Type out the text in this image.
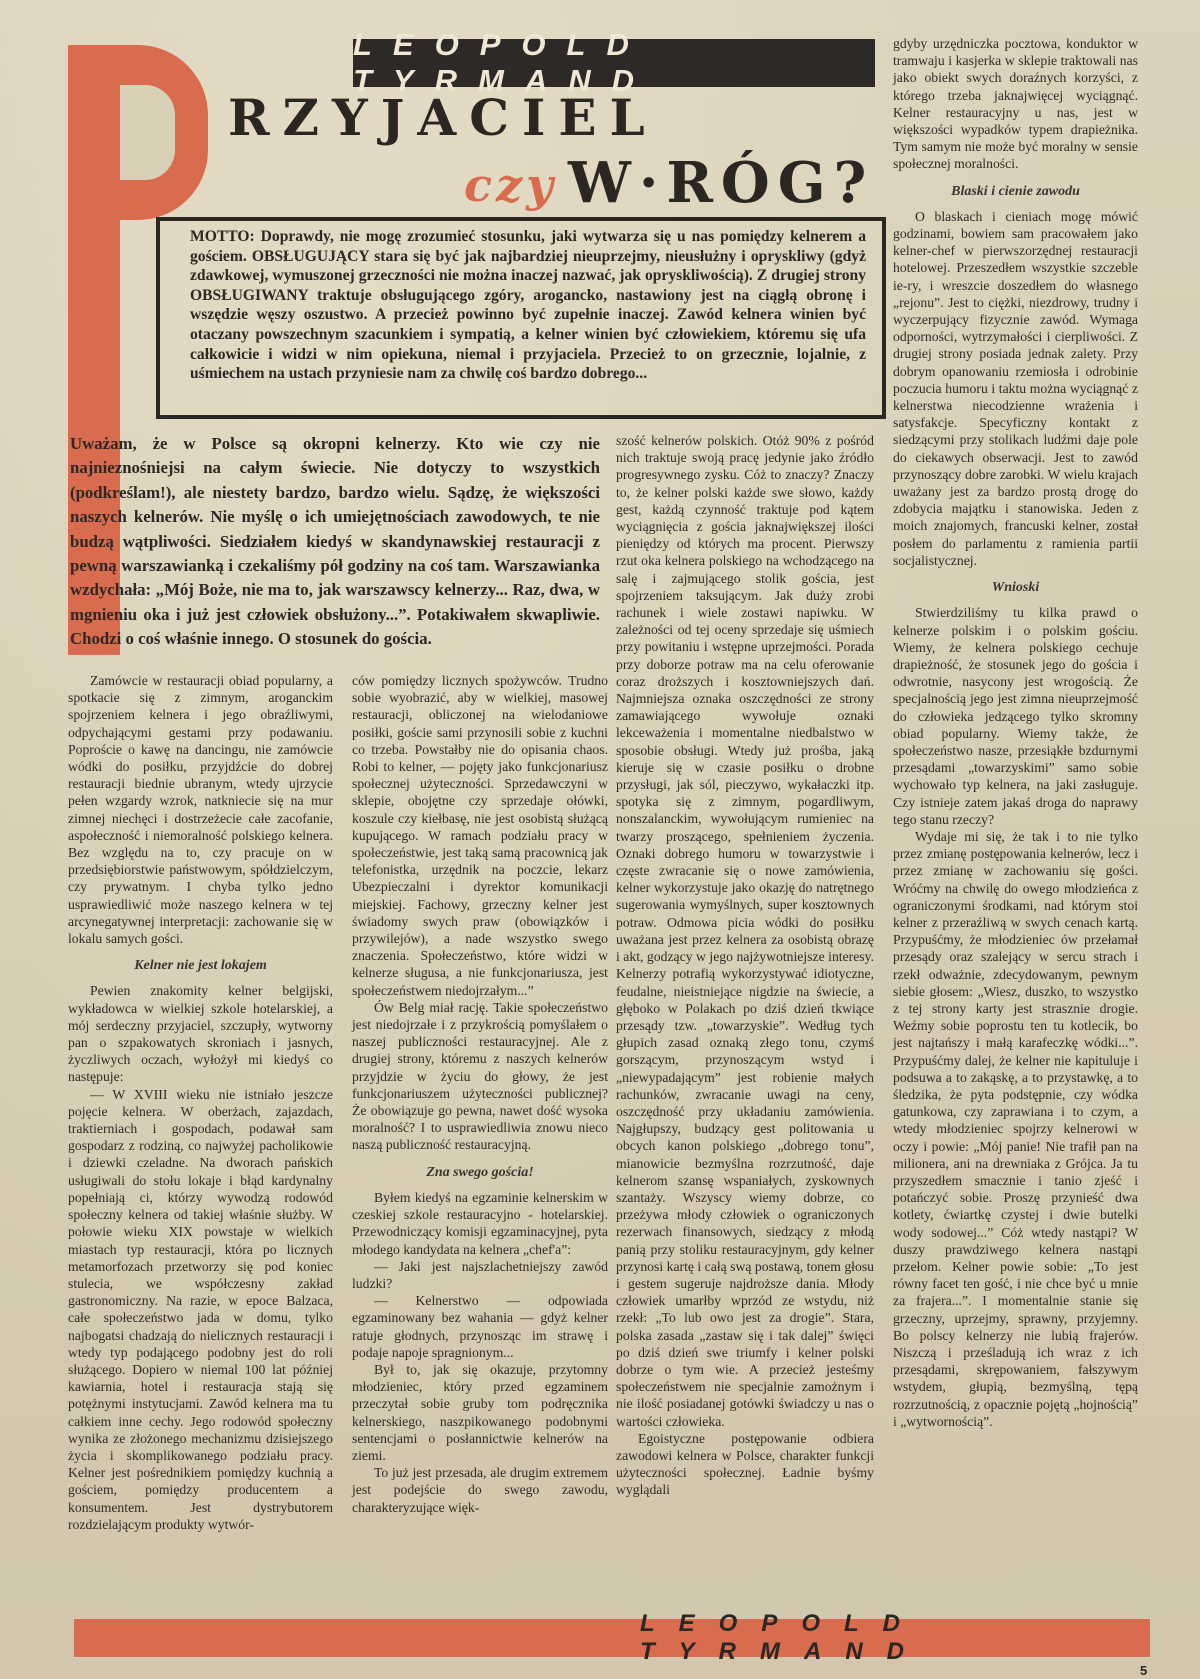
LEOPOLD TYRMAND
RZYJACIEL
czy W·RÓG?

MOTTO: Doprawdy, nie mogę zrozumieć stosunku, jaki wytwarza się u nas pomiędzy kelnerem a gościem. OBSŁUGUJĄCY stara się być jak najbardziej nieuprzejmy, nieusłużny i opryskliwy (gdyż zdawkowej, wymuszonej grzeczności nie można inaczej nazwać, jak opryskliwością). Z drugiej strony OBSŁUGIWANY traktuje obsługującego zgóry, arogancko, nastawiony jest na ciągłą obronę i wszędzie węszy oszustwo. A przecież powinno być zupełnie inaczej. Zawód kelnera winien być otaczany powszechnym szacunkiem i sympatią, a kelner winien być człowiekiem, któremu się ufa całkowicie i widzi w nim opiekuna, niemal i przyjaciela. Przecież to on grzecznie, lojalnie, z uśmiechem na ustach przyniesie nam za chwilę coś bardzo dobrego...

Uważam, że w Polsce są okropni kelnerzy. Kto wie czy nie najnieznośniejsi na całym świecie. Nie dotyczy to wszystkich (podkreślam!), ale niestety bardzo, bardzo wielu. Sądzę, że większości naszych kelnerów. Nie myślę o ich umiejętnościach zawodowych, te nie budzą wątpliwości. Siedziałem kiedyś w skandynawskiej restauracji z pewną warszawianką i czekaliśmy pół godziny na coś tam. Warszawianka wzdychała: „Mój Boże, nie ma to, jak warszawscy kelnerzy... Raz, dwa, w mgnieniu oka i już jest człowiek obsłużony...”. Potakiwałem skwapliwie. Chodzi o coś właśnie innego. O stosunek do gościa.

Zamówcie w restauracji obiad popularny, a spotkacie się z zimnym, aroganckim spojrzeniem kelnera i jego obraźliwymi, odpychającymi gestami przy podawaniu. Poproście o kawę na dancingu, nie zamówcie wódki do posiłku, przyjdźcie do dobrej restauracji biednie ubranym, wtedy ujrzycie pełen wzgardy wzrok, natkniecie się na mur zimnej niechęci i dostrzeżecie całe zacofanie, aspołeczność i niemoralność polskiego kelnera. Bez względu na to, czy pracuje on w przedsiębiorstwie państwowym, spółdzielczym, czy prywatnym. I chyba tylko jedno usprawiedliwić może naszego kelnera w tej arcynegatywnej interpretacji: zachowanie się w lokalu samych gości.

Kelner nie jest lokajem

Pewien znakomity kelner belgijski, wykładowca w wielkiej szkole hotelarskiej, a mój serdeczny przyjaciel, szczupły, wytworny pan o szpakowatych skroniach i jasnych, życzliwych oczach, wyłożył mi kiedyś co następuje:

— W XVIII wieku nie istniało jeszcze pojęcie kelnera. W oberżach, zajazdach, traktierniach i gospodach, podawał sam gospodarz z rodziną, co najwyżej pacholikowie i dziewki czeladne. Na dworach pańskich usługiwali do stołu lokaje i błąd kardynalny popełniają ci, którzy wywodzą rodowód społeczny kelnera od takiej właśnie służby. W połowie wieku XIX powstaje w wielkich miastach typ restauracji, która po licznych metamorfozach przetworzy się pod koniec stulecia, we współczesny zakład gastronomiczny. Na razie, w epoce Balzaca, całe społeczeństwo jada w domu, tylko najbogatsi chadzają do nielicznych restauracji i wtedy typ podającego podobny jest do roli służącego. Dopiero w niemal 100 lat później kawiarnia, hotel i restauracja stają się potężnymi instytucjami. Zawód kelnera ma tu całkiem inne cechy. Jego rodowód społeczny wynika ze złożonego mechanizmu dzisiejszego życia i skomplikowanego podziału pracy. Kelner jest pośrednikiem pomiędzy kuchnią a gościem, pomiędzy producentem a konsumentem. Jest dystrybutorem rozdzielającym produkty wytwór-

ców pomiędzy licznych spożywców. Trudno sobie wyobrazić, aby w wielkiej, masowej restauracji, obliczonej na wielodaniowe posiłki, goście sami przynosili sobie z kuchni co trzeba. Powstałby nie do opisania chaos. Robi to kelner, — pojęty jako funkcjonariusz społecznej użyteczności. Sprzedawczyni w sklepie, obojętne czy sprzedaje ołówki, koszule czy kiełbasę, nie jest osobistą służącą kupującego. W ramach podziału pracy w społeczeństwie, jest taką samą pracownicą jak telefonistka, urzędnik na poczcie, lekarz Ubezpieczalni i dyrektor komunikacji miejskiej. Fachowy, grzeczny kelner jest świadomy swych praw (obowiązków i przywilejów), a nade wszystko swego znaczenia. Społeczeństwo, które widzi w kelnerze sługusa, a nie funkcjonariusza, jest społeczeństwem niedojrzałym...”

Ów Belg miał rację. Takie społeczeństwo jest niedojrzałe i z przykrością pomyślałem o naszej publiczności restauracyjnej. Ale z drugiej strony, któremu z naszych kelnerów przyjdzie w życiu do głowy, że jest funkcjonariuszem użyteczności publicznej? Że obowiązuje go pewna, nawet dość wysoka moralność? I to usprawiedliwia znowu nieco naszą publiczność restauracyjną.

Zna swego gościa!

Byłem kiedyś na egzaminie kelnerskim w czeskiej szkole restauracyjno - hotelarskiej. Przewodniczący komisji egzaminacyjnej, pyta młodego kandydata na kelnera „chef'a”:

— Jaki jest najszlachetniejszy zawód ludzki?

— Kelnerstwo — odpowiada egzaminowany bez wahania — gdyż kelner ratuje głodnych, przynosząc im strawę i podaje napoje spragnionym...

Był to, jak się okazuje, przytomny młodzieniec, który przed egzaminem przeczytał sobie gruby tom podręcznika kelnerskiego, naszpikowanego podobnymi sentencjami o posłannictwie kelnerów na ziemi.

To już jest przesada, ale drugim extremem jest podejście do swego zawodu, charakteryzujące więk-

szość kelnerów polskich. Otóż 90% z pośród nich traktuje swoją pracę jedynie jako źródło progresywnego zysku. Cóż to znaczy? Znaczy to, że kelner polski każde swe słowo, każdy gest, każdą czynność traktuje pod kątem wyciągnięcia z gościa jaknajwiększej ilości pieniędzy od których ma procent. Pierwszy rzut oka kelnera polskiego na wchodzącego na salę i zajmującego stolik gościa, jest spojrzeniem taksującym. Jak duży zrobi rachunek i wiele zostawi napiwku. W zależności od tej oceny sprzedaje się uśmiech przy powitaniu i wstępne uprzejmości. Porada przy doborze potraw ma na celu oferowanie coraz droższych i kosztowniejszych dań. Najmniejsza oznaka oszczędności ze strony zamawiającego wywołuje oznaki lekceważenia i momentalne niedbalstwo w sposobie obsługi. Wtedy już prośba, jaką kieruje się w czasie posiłku o drobne przysługi, jak sól, pieczywo, wykałaczki itp. spotyka się z zimnym, pogardliwym, nonszalanckim, wywołującym rumieniec na twarzy proszącego, spełnieniem życzenia. Oznaki dobrego humoru w towarzystwie i częste zwracanie się o nowe zamówienia, kelner wykorzystuje jako okazję do natrętnego sugerowania wymyślnych, super kosztownych potraw. Odmowa picia wódki do posiłku uważana jest przez kelnera za osobistą obrazę i akt, godzący w jego najżywotniejsze interesy. Kelnerzy potrafią wykorzystywać idiotyczne, feudalne, nieistniejące nigdzie na świecie, a głęboko w Polakach po dziś dzień tkwiące przesądy tzw. „towarzyskie”. Według tych głupich zasad oznaką złego tonu, czymś gorszącym, przynoszącym wstyd i „niewypadającym” jest robienie małych rachunków, zwracanie uwagi na ceny, oszczędność przy układaniu zamówienia. Najgłupszy, budzący gest politowania u obcych kanon polskiego „dobrego tonu”, mianowicie bezmyślna rozrzutność, daje kelnerom szansę wspaniałych, zyskownych szantaży. Wszyscy wiemy dobrze, co przeżywa młody człowiek o ograniczonych rezerwach finansowych, siedzący z młodą panią przy stoliku restauracyjnym, gdy kelner przynosi kartę i całą swą postawą, tonem głosu i gestem sugeruje najdroższe dania. Młody człowiek umarłby wprzód ze wstydu, niż rzekł: „To lub owo jest za drogie”. Stara, polska zasada „zastaw się i tak dalej” święci po dziś dzień swe triumfy i kelner polski dobrze o tym wie. A przecież jesteśmy społeczeństwem nie specjalnie zamożnym i nie ilość posiadanej gotówki świadczy u nas o wartości człowieka.

Egoistyczne postępowanie odbiera zawodowi kelnera w Polsce, charakter funkcji użyteczności społecznej. Ładnie byśmy wyglądali

gdyby urzędniczka pocztowa, konduktor w tramwaju i kasjerka w sklepie traktowali nas jako obiekt swych doraźnych korzyści, z którego trzeba jaknajwięcej wyciągnąć. Kelner restauracyjny u nas, jest w większości wypadków typem drapieżnika. Tym samym nie może być moralny w sensie społecznej moralności.

Blaski i cienie zawodu

O blaskach i cieniach mogę mówić godzinami, bowiem sam pracowałem jako kelner-chef w pierwszorzędnej restauracji hotelowej. Przeszedłem wszystkie szczeble ie-ry, i wreszcie doszedłem do własnego „rejonu”. Jest to ciężki, niezdrowy, trudny i wyczerpujący fizycznie zawód. Wymaga odporności, wytrzymałości i cierpliwości. Z drugiej strony posiada jednak zalety. Przy dobrym opanowaniu rzemiosła i odrobinie poczucia humoru i taktu można wyciągnąć z kelnerstwa niecodzienne wrażenia i satysfakcje. Specyficzny kontakt z siedzącymi przy stolikach ludźmi daje pole do ciekawych obserwacji. Jest to zawód przynoszący dobre zarobki. W wielu krajach uważany jest za bardzo prostą drogę do zdobycia majątku i stanowiska. Jeden z moich znajomych, francuski kelner, został posłem do parlamentu z ramienia partii socjalistycznej.

Wnioski

Stwierdziliśmy tu kilka prawd o kelnerze polskim i o polskim gościu. Wiemy, że kelnera polskiego cechuje drapieżność, że stosunek jego do gościa i odwrotnie, nasycony jest wrogością. Że specjalnością jego jest zimna nieuprzejmość do człowieka jedzącego tylko skromny obiad popularny. Wiemy także, że społeczeństwo nasze, przesiąkłe bzdurnymi przesądami „towarzyskimi” samo sobie wychowało typ kelnera, na jaki zasługuje. Czy istnieje zatem jakaś droga do naprawy tego stanu rzeczy?

Wydaje mi się, że tak i to nie tylko przez zmianę postępowania kelnerów, lecz i przez zmianę w zachowaniu się gości. Wróćmy na chwilę do owego młodzieńca z ograniczonymi środkami, nad którym stoi kelner z przeraźliwą w swych cenach kartą. Przypuśćmy, że młodzieniec ów przełamał przesądy oraz szalejący w sercu strach i rzekł odważnie, zdecydowanym, pewnym siebie głosem: „Wiesz, duszko, to wszystko z tej strony karty jest strasznie drogie. Weźmy sobie poprostu ten tu kotlecik, bo jest najtańszy i małą karafeczkę wódki...”. Przypuśćmy dalej, że kelner nie kapituluje i podsuwa a to zakąskę, a to przystawkę, a to śledzika, że pyta podstępnie, czy wódka gatunkowa, czy zaprawiana i to czym, a wtedy młodzieniec spojrzy kelnerowi w oczy i powie: „Mój panie! Nie trafił pan na milionera, ani na drewniaka z Grójca. Ja tu przyszedłem smacznie i tanio zjeść i potańczyć sobie. Proszę przynieść dwa kotlety, ćwiartkę czystej i dwie butelki wody sodowej...” Cóż wtedy nastąpi? W duszy prawdziwego kelnera nastąpi przełom. Kelner powie sobie: „To jest równy facet ten gość, i nie chce być u mnie za frajera...”. I momentalnie stanie się grzeczny, uprzejmy, sprawny, przyjemny. Bo polscy kelnerzy nie lubią frajerów. Niszczą i prześladują ich wraz z ich przesądami, skrępowaniem, fałszywym wstydem, głupią, bezmyślną, tępą rozrzutnością, z opacznie pojętą „hojnością” i „wytwornością”.

LEOPOLD TYRMAND
5
